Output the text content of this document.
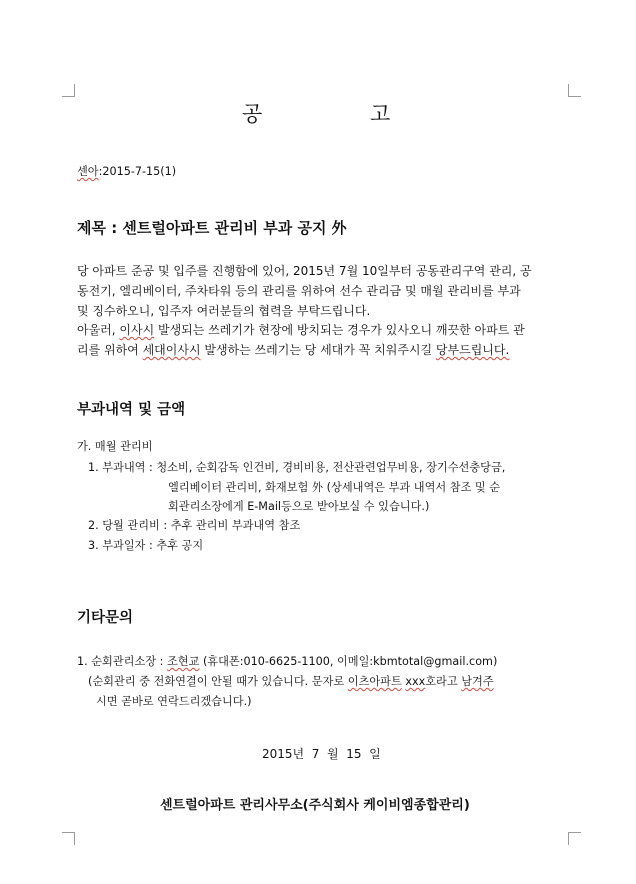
공	고
센아:2015-7-15(1)
제목 : 센트럴아파트 관리비 부과 공지 外
당 아파트 준공 및 입주를 진행함에 있어, 2015년 7월 10일부터 공동관리구역 관리, 공
동전기, 엘리베이터, 주차타워 등의 관리를 위하여 선수 관리금 및 매월 관리비를 부과
및 징수하오니, 입주자 여러분들의 협력을 부탁드립니다.
아울러, 이사시 발생되는 쓰레기가 현장에 방치되는 경우가 있사오니 깨끗한 아파트 관
리를 위하여 세대이사시 발생하는 쓰레기는 당 세대가 꼭 치워주시길 당부드립니다.
부과내역 및 금액
가. 매월 관리비
1. 부과내역 : 청소비, 순회감독 인건비, 경비비용, 전산관련업무비용, 장기수선충당금,
엘리베이터 관리비, 화재보험 外 (상세내역은 부과 내역서 참조 및 순
회관리소장에게 E-Mail등으로 받아보실 수 있습니다.)
2. 당월 관리비 : 추후 관리비 부과내역 참조
3. 부과일자 : 추후 공지
기타문의
1. 순회관리소장 : 조현교 (휴대폰:010-6625-1100, 이메일:kbmtotal@gmail.com)
(순회관리 중 전화연결이 안될 때가 있습니다. 문자로 이츠아파트 xxx호라고 남겨주
시면 곧바로 연락드리겠습니다.)
2015년  7  월  15  일
센트럴아파트 관리사무소(주식회사 케이비엠종합관리)
